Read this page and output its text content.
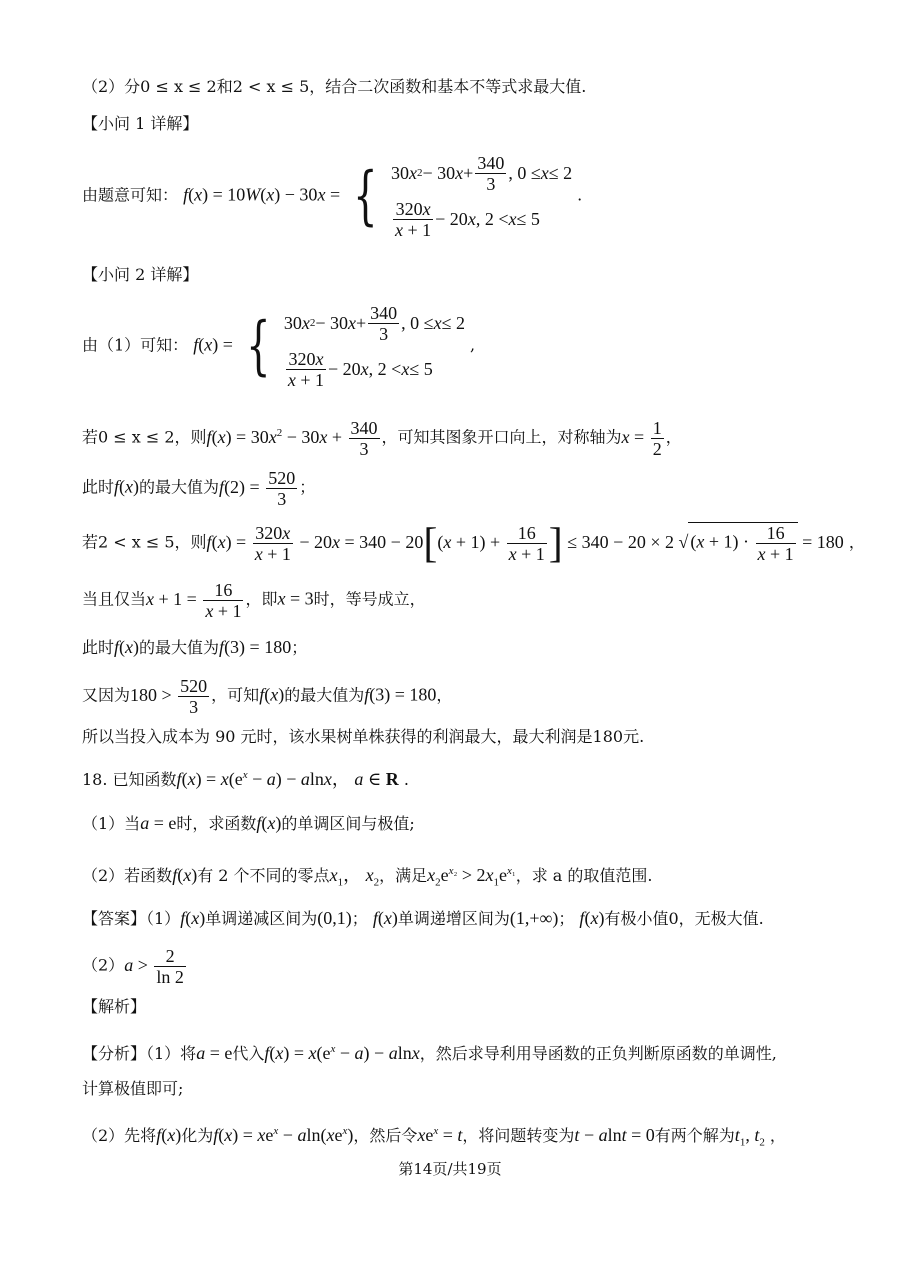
（2）分0 ≤ x ≤ 2和2 < x ≤ 5，结合二次函数和基本不等式求最大值.
【小问 1 详解】
由题意可知： f(x) = 10W(x) − 30x = { 30 x 2 − 30 $x + \frac{340}{3}$ , 0 ≤ x ≤ 2
$\frac{320x}{x + 1} - 20$ x , 2 < x ≤ 5
.
【小问 2 详解】
由（1）可知： f(x) = { 30 x 2 − 30 $x + \frac{340}{3}$ , 0 ≤ x ≤ 2
$\frac{320x}{x + 1} - 20$ x , 2 < x ≤ 5
,
若0 ≤ x ≤ 2，则$f(x) = 30x^2 - 30x + \frac{340}{3}$ ，可知其图象开口向上，对称轴为$x = \frac{1}{2}$ ，
此时f(x)的最大值为$f(2) = \frac{520}{3}$ ；
若2 < x ≤ 5，则$f(x) = \frac{320x}{x + 1} - 20x = 340 - 20[(x + 1) + \frac{16}{x + 1}$ ] ≤ 340 − 20 × 2 √ $(x + 1) \cdot \frac{16}{x + 1} = 180$ ，
当且仅当$x + 1 = \frac{16}{x + 1}$ ，即x = 3时，等号成立，
此时f(x)的最大值为f(3) = 180；
又因为$180 > \frac{520}{3}$ ，可知f(x)的最大值为f(3) = 180，
所以当投入成本为 90 元时，该水果树单株获得的利润最大，最大利润是180元.
18. 已知函数$f(x) = x(e^x - a) - alnx$， a ∈ R .
（1）当a = e时，求函数f(x)的单调区间与极值;
（2）若函数f(x)有 2 个不同的零点$x_1$， $x_2$，满足$x_2e^{x_2} > 2x_1e^{x_1}$，求 a 的取值范围.
【答案】（1）f(x)单调递减区间为(0,1)； f(x)单调递增区间为(1,+∞)； f(x)有极小值0，无极大值.
$(2)a > \frac{2}{\ln 2}$
【解析】
【分析】（1）将a = e代入$f(x) = x(e^x - a) - alnx$，然后求导利用导函数的正负判断原函数的单调性,
计算极值即可;
（2）先将f(x)化为$f(x) = xe^x - aln(xe^x)$，然后令$xe^x = t$，将问题转变为t − alnt = 0有两个解为$t_1$, $t_2$ ，
第14页/共19页
